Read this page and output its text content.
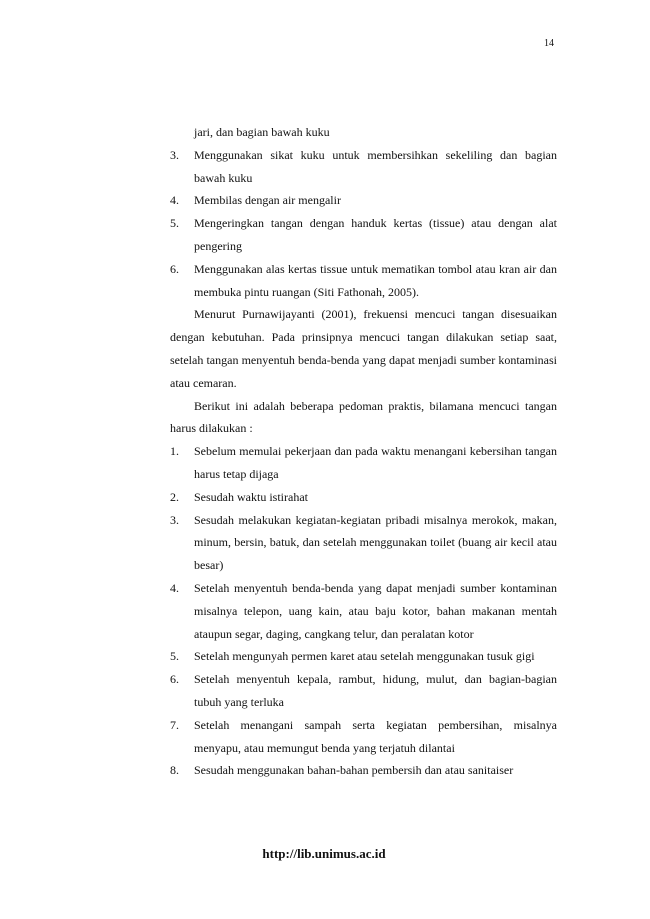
14

jari, dan bagian bawah kuku

3.	Menggunakan sikat kuku untuk membersihkan sekeliling dan bagian bawah kuku
4.	Membilas dengan air mengalir
5.	Mengeringkan tangan dengan handuk kertas (tissue) atau dengan alat pengering
6.	Menggunakan alas kertas tissue untuk mematikan tombol atau kran air dan membuka pintu ruangan (Siti Fathonah, 2005).

Menurut Purnawijayanti (2001), frekuensi mencuci tangan disesuaikan dengan kebutuhan. Pada prinsipnya mencuci tangan dilakukan setiap saat, setelah tangan menyentuh benda-benda yang dapat menjadi sumber kontaminasi atau cemaran.

Berikut ini adalah beberapa pedoman praktis, bilamana mencuci tangan harus dilakukan :

1.	Sebelum memulai pekerjaan dan pada waktu menangani kebersihan tangan harus tetap dijaga
2.	Sesudah waktu istirahat
3.	Sesudah melakukan kegiatan-kegiatan pribadi misalnya merokok, makan, minum, bersin, batuk, dan setelah menggunakan toilet (buang air kecil atau besar)
4.	Setelah menyentuh benda-benda yang dapat menjadi sumber kontaminan misalnya telepon, uang kain, atau baju kotor, bahan makanan mentah ataupun segar, daging, cangkang telur, dan peralatan kotor
5.	Setelah mengunyah permen karet atau setelah menggunakan tusuk gigi
6.	Setelah menyentuh kepala, rambut, hidung, mulut, dan bagian-bagian tubuh yang terluka
7.	Setelah menangani sampah serta kegiatan pembersihan, misalnya menyapu, atau memungut benda yang terjatuh dilantai
8.	Sesudah menggunakan bahan-bahan pembersih dan atau sanitaiser
http://lib.unimus.ac.id
